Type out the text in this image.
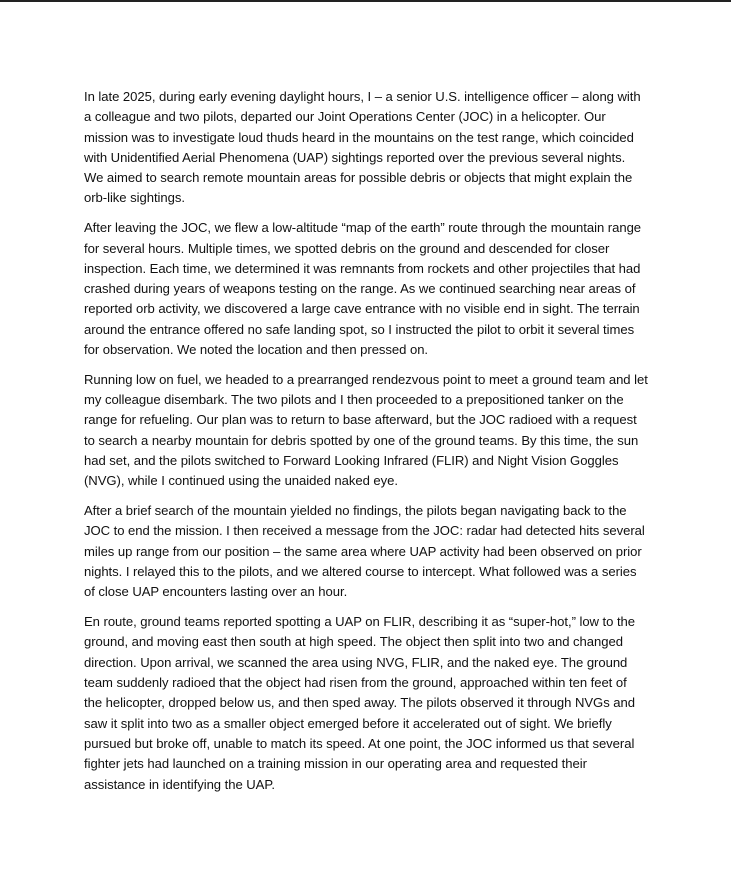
In late 2025, during early evening daylight hours, I – a senior U.S. intelligence officer – along with a colleague and two pilots, departed our Joint Operations Center (JOC) in a helicopter. Our mission was to investigate loud thuds heard in the mountains on the test range, which coincided with Unidentified Aerial Phenomena (UAP) sightings reported over the previous several nights. We aimed to search remote mountain areas for possible debris or objects that might explain the orb-like sightings.

After leaving the JOC, we flew a low-altitude “map of the earth” route through the mountain range for several hours. Multiple times, we spotted debris on the ground and descended for closer inspection. Each time, we determined it was remnants from rockets and other projectiles that had crashed during years of weapons testing on the range. As we continued searching near areas of reported orb activity, we discovered a large cave entrance with no visible end in sight. The terrain around the entrance offered no safe landing spot, so I instructed the pilot to orbit it several times for observation. We noted the location and then pressed on.

Running low on fuel, we headed to a prearranged rendezvous point to meet a ground team and let my colleague disembark. The two pilots and I then proceeded to a prepositioned tanker on the range for refueling. Our plan was to return to base afterward, but the JOC radioed with a request to search a nearby mountain for debris spotted by one of the ground teams. By this time, the sun had set, and the pilots switched to Forward Looking Infrared (FLIR) and Night Vision Goggles (NVG), while I continued using the unaided naked eye.

After a brief search of the mountain yielded no findings, the pilots began navigating back to the JOC to end the mission. I then received a message from the JOC: radar had detected hits several miles up range from our position – the same area where UAP activity had been observed on prior nights. I relayed this to the pilots, and we altered course to intercept. What followed was a series of close UAP encounters lasting over an hour.

En route, ground teams reported spotting a UAP on FLIR, describing it as “super-hot,” low to the ground, and moving east then south at high speed. The object then split into two and changed direction. Upon arrival, we scanned the area using NVG, FLIR, and the naked eye. The ground team suddenly radioed that the object had risen from the ground, approached within ten feet of the helicopter, dropped below us, and then sped away. The pilots observed it through NVGs and saw it split into two as a smaller object emerged before it accelerated out of sight. We briefly pursued but broke off, unable to match its speed. At one point, the JOC informed us that several fighter jets had launched on a training mission in our operating area and requested their assistance in identifying the UAP.
